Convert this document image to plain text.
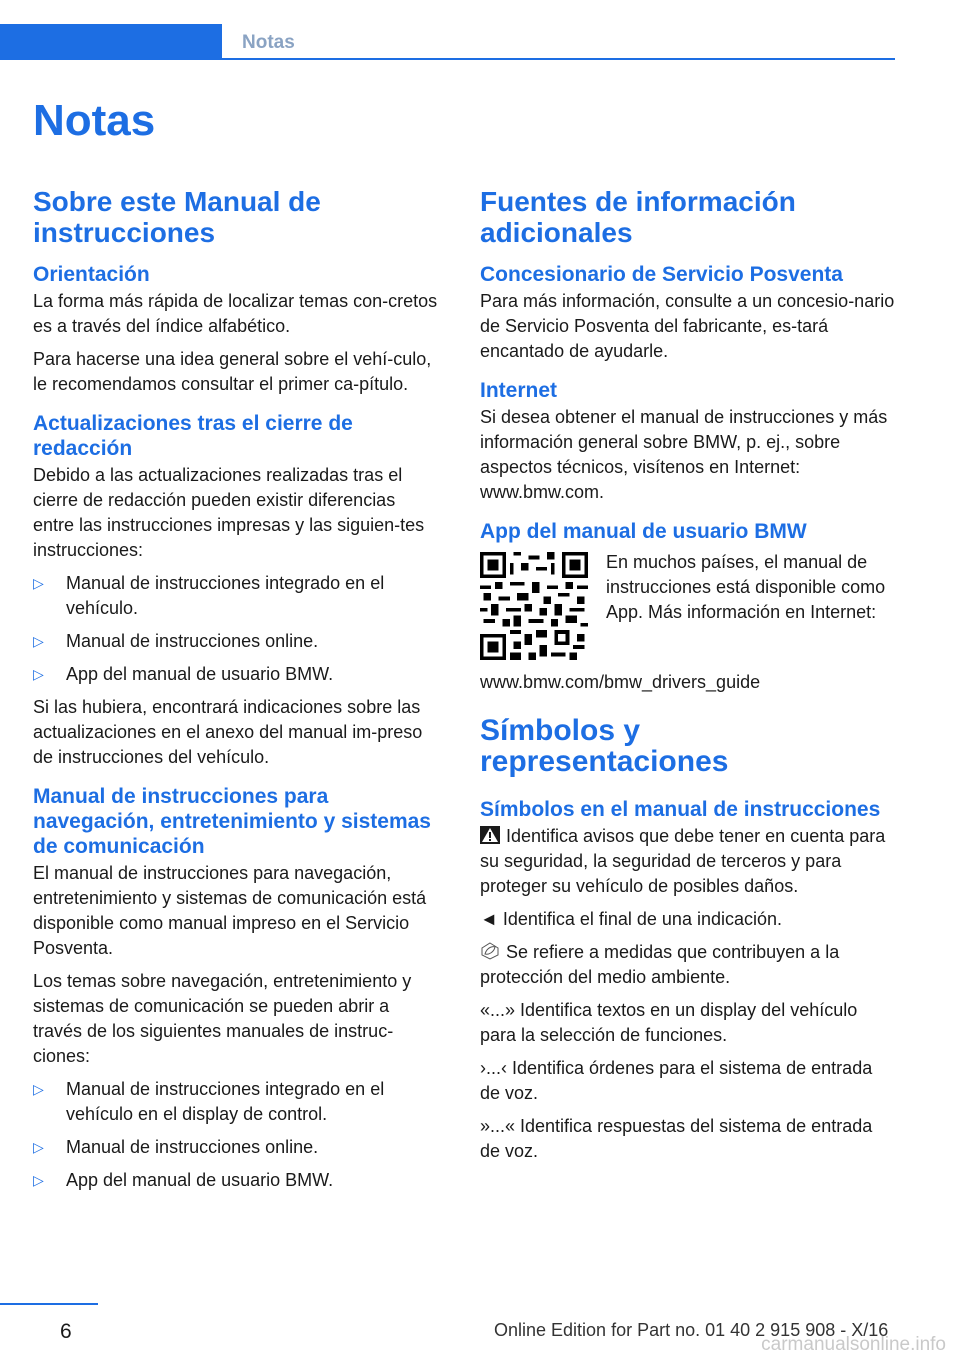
Notas
Notas
Sobre este Manual de instrucciones
Orientación

La forma más rápida de localizar temas con-cretos es a través del índice alfabético.

Para hacerse una idea general sobre el vehí-culo, le recomendamos consultar el primer ca-pítulo.

Actualizaciones tras el cierre de redacción

Debido a las actualizaciones realizadas tras el cierre de redacción pueden existir diferencias entre las instrucciones impresas y las siguien-tes instrucciones:

▷ Manual de instrucciones integrado en el vehículo.
▷ Manual de instrucciones online.
▷ App del manual de usuario BMW.

Si las hubiera, encontrará indicaciones sobre las actualizaciones en el anexo del manual im-preso de instrucciones del vehículo.

Manual de instrucciones para navegación, entretenimiento y sistemas de comunicación

El manual de instrucciones para navegación, entretenimiento y sistemas de comunicación está disponible como manual impreso en el Servicio Posventa.

Los temas sobre navegación, entretenimiento y sistemas de comunicación se pueden abrir a través de los siguientes manuales de instruc-ciones:

▷ Manual de instrucciones integrado en el vehículo en el display de control.
▷ Manual de instrucciones online.
▷ App del manual de usuario BMW.
Fuentes de información adicionales
Concesionario de Servicio Posventa

Para más información, consulte a un concesio-nario de Servicio Posventa del fabricante, es-tará encantado de ayudarle.

Internet

Si desea obtener el manual de instrucciones y más información general sobre BMW, p. ej., sobre aspectos técnicos, visítenos en Internet: www.bmw.com.

App del manual de usuario BMW
En muchos países, el manual de instrucciones está disponible como App. Más información en Internet:

www.bmw.com/bmw_drivers_guide

Símbolos y representaciones
Símbolos en el manual de instrucciones

Identifica avisos que debe tener en cuenta para su seguridad, la seguridad de terceros y para proteger su vehículo de posibles daños.

◄ Identifica el final de una indicación.

Se refiere a medidas que contribuyen a la protección del medio ambiente.

«...» Identifica textos en un display del vehículo para la selección de funciones.

›...‹ Identifica órdenes para el sistema de entrada de voz.

»...« Identifica respuestas del sistema de entrada de voz.

6	Online Edition for Part no. 01 40 2 915 908 - X/16
carmanualsonline.info
